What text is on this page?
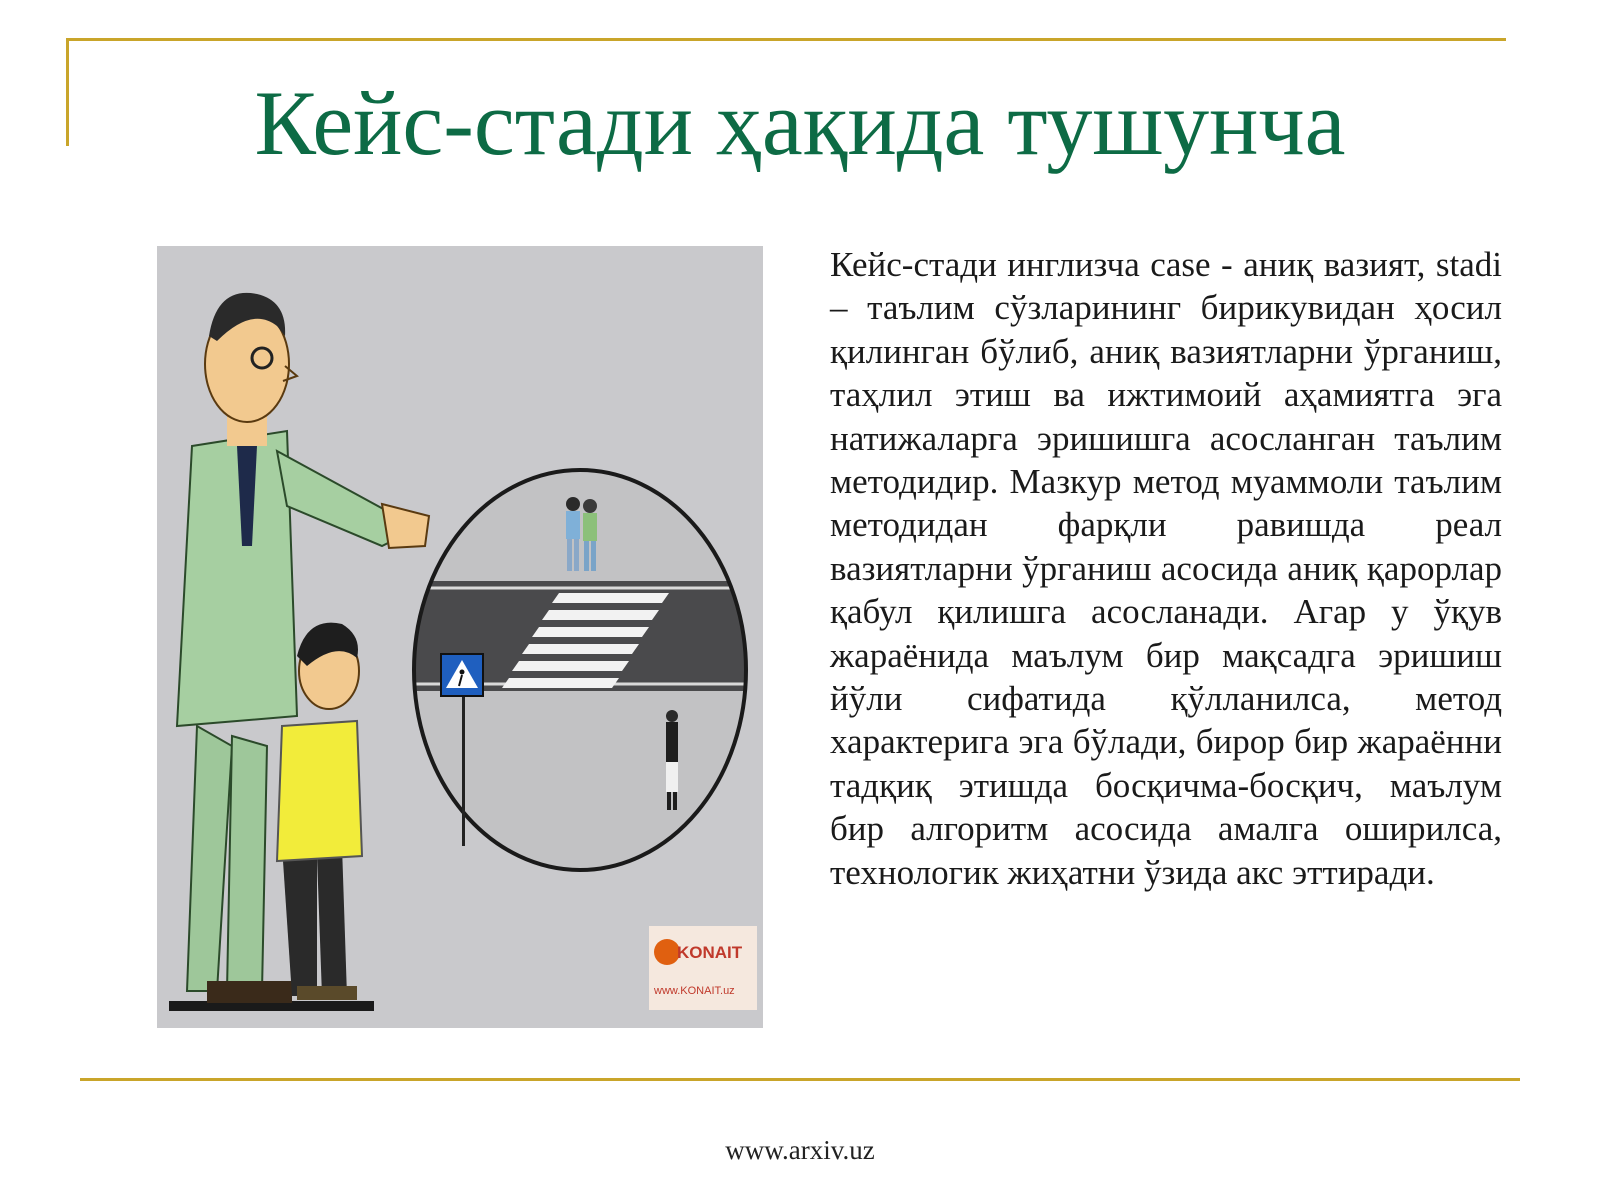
Кейс-стади ҳақида тушунча
KONAIT
www.KONAIT.uz

Кейс-стади инглизча case - аниқ вазият, stadi – таълим сўзларининг бирикувидан ҳосил қилинган бўлиб, аниқ вазиятларни ўрганиш, таҳлил этиш ва ижтимоий аҳамиятга эга натижаларга эришишга асосланган таълим методидир. Мазкур метод муаммоли таълим методидан фарқли равишда реал вазиятларни ўрганиш асосида аниқ қарорлар қабул қилишга асосланади. Агар у ўқув жараёнида маълум бир мақсадга эришиш йўли сифатида қўлланилса, метод характерига эга бўлади, бирор бир жараённи тадқиқ этишда босқичма-босқич, маълум бир алгоритм асосида амалга оширилса, технологик жиҳатни ўзида акс эттиради.

www.arxiv.uz
